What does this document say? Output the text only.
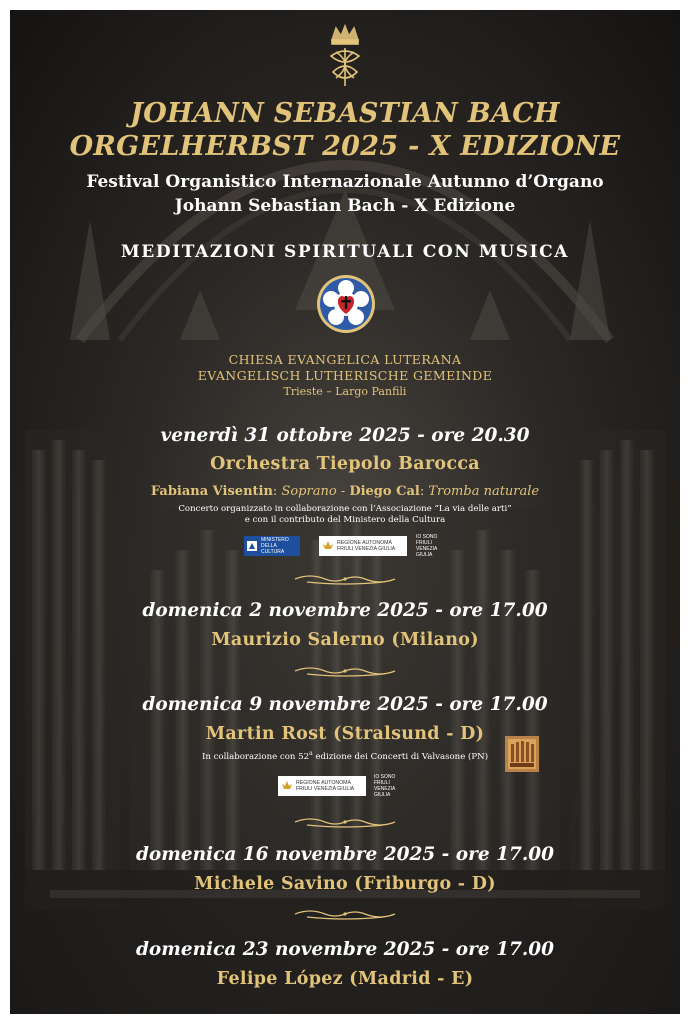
JOHANN SEBASTIAN BACH
ORGELHERBST 2025 - X EDIZIONE
Festival Organistico Internazionale Autunno d’Organo
Johann Sebastian Bach - X Edizione
MEDITAZIONI SPIRITUALI CON MUSICA
CHIESA EVANGELICA LUTERANA
EVANGELISCH LUTHERISCHE GEMEINDE
Trieste – Largo Panfili
venerdì 31 ottobre 2025 - ore 20.30
Orchestra Tiepolo Barocca
Fabiana Visentin: Soprano - Diego Cal: Tromba naturale
Concerto organizzato in collaborazione con l’Associazione “La via delle arti”
e con il contributo del Ministero della Cultura
MINISTERO
DELLA
CULTURA
REGIONE AUTONOMA
FRIULI VENEZIA GIULIA
IO SONO
FRIULI
VENEZIA
GIULIA
domenica 2 novembre 2025 - ore 17.00
Maurizio Salerno (Milano)
domenica 9 novembre 2025 - ore 17.00
Martin Rost (Stralsund - D)
In collaborazione con 52$^a$ edizione dei Concerti di Valvasone (PN)
REGIONE AUTONOMA
FRIULI VENEZIA GIULIA
IO SONO
FRIULI
VENEZIA
GIULIA
domenica 16 novembre 2025 - ore 17.00
Michele Savino (Friburgo - D)
domenica 23 novembre 2025 - ore 17.00
Felipe López (Madrid - E)
